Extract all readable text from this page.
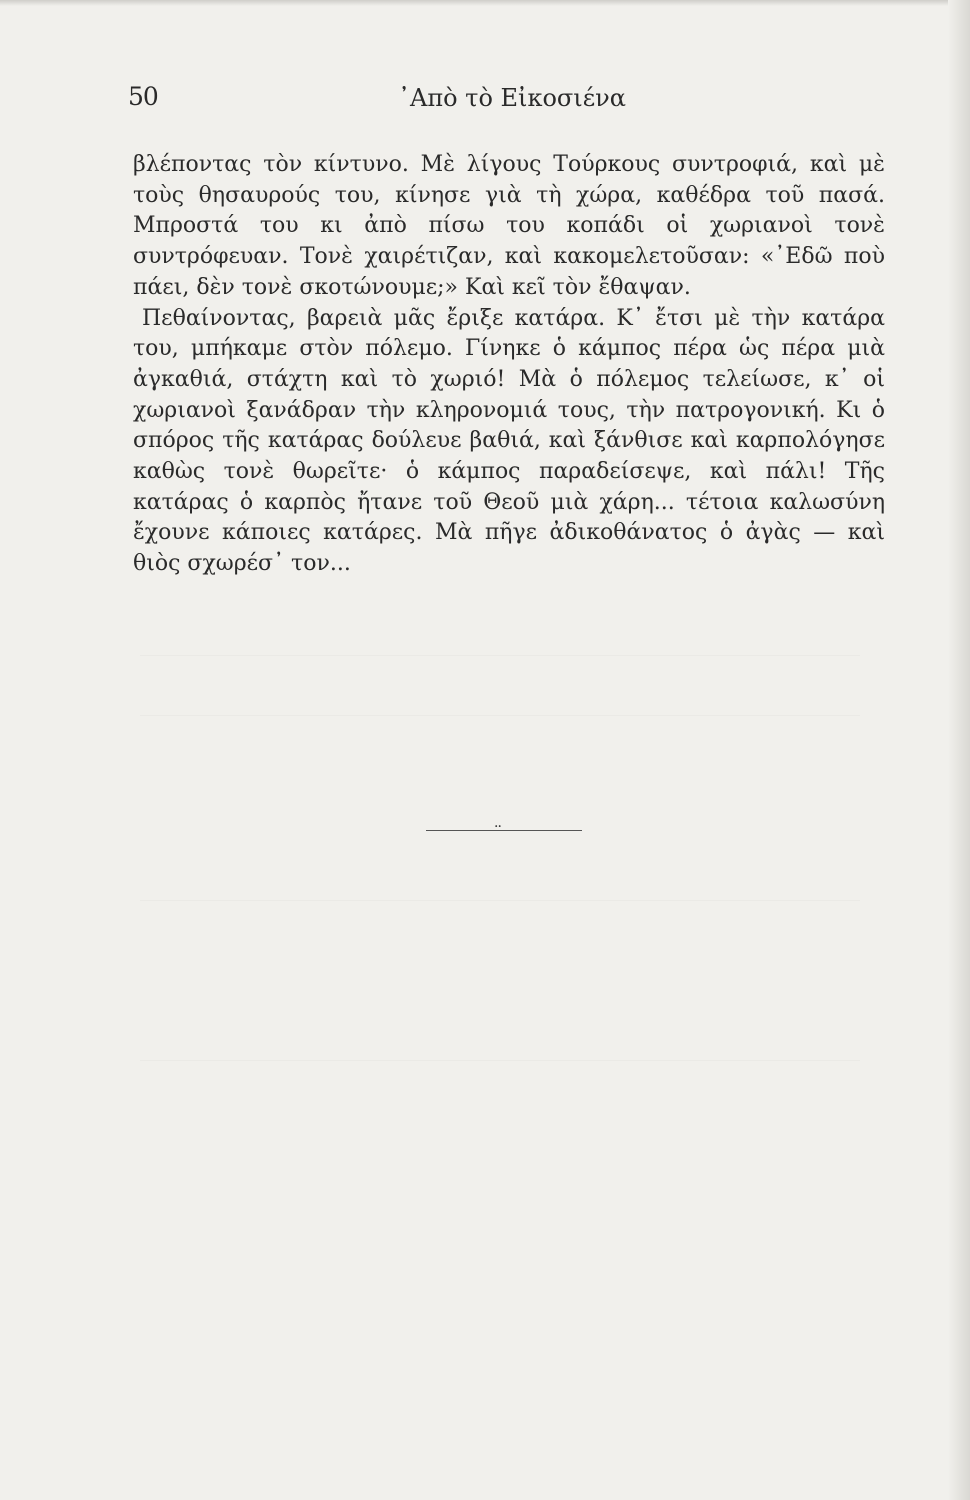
50	᾿Απὸ τὸ Εἰκοσιένα

βλέποντας τὸν κίντυνο. Μὲ λίγους Τούρκους συντροφιά, καὶ μὲ τοὺς θησαυρούς του, κίνησε γιὰ τὴ χώρα, καθέδρα τοῦ πασά. Μπροστά του κι ἀπὸ πίσω του κοπάδι οἱ χωριανοὶ τονὲ συντρόφευαν. Τονὲ χαιρέτιζαν, καὶ κακομελετοῦσαν: «᾿Εδῶ ποὺ πάει, δὲν τονὲ σκοτώνουμε;» Καὶ κεῖ τὸν ἔθαψαν.

Πεθαίνοντας, βαρειὰ μᾶς ἔριξε κατάρα. Κ᾿ ἔτσι μὲ τὴν κατάρα του, μπήκαμε στὸν πόλεμο. Γίνηκε ὁ κάμπος πέρα ὡς πέρα μιὰ ἀγκαθιά, στάχτη καὶ τὸ χωριό! Μὰ ὁ πόλεμος τελείωσε, κ᾿ οἱ χωριανοὶ ξανάδραν τὴν κληρονομιά τους, τὴν πατρογονική. Κι ὁ σπόρος τῆς κατάρας δούλευε βαθιά, καὶ ξάνθισε καὶ καρπολόγησε καθὼς τονὲ θωρεῖτε· ὁ κάμπος παραδείσεψε, καὶ πάλι! Τῆς κατάρας ὁ καρπὸς ἤτανε τοῦ Θεοῦ μιὰ χάρη... τέτοια καλωσύνη ἔχουνε κάποιες κατάρες. Μὰ πῆγε ἀδικοθάνατος ὁ ἀγὰς — καὶ θιὸς σχωρέσ᾿ τον...

··
